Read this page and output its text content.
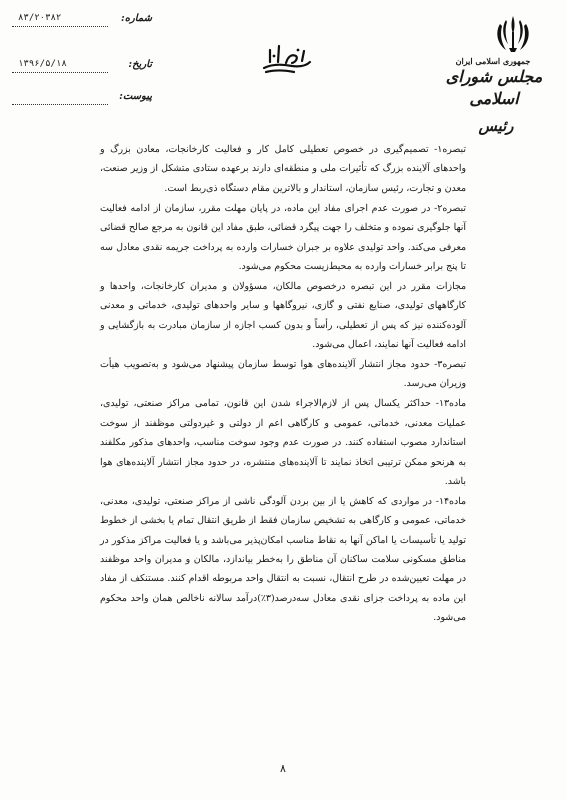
جمهوری اسلامی ایران
مجلس شورای اسلامی
رئیس
شماره:
۸۳/۲۰۳۸۲
تاریخ:
۱۳۹۶/۵/۱۸
پیوست:

تبصره۱- تصمیم‌گیری در خصوص تعطیلی کامل کار و فعالیت کارخانجات، معادن بزرگ و واحدهای آلاینده بزرگ که تأثیرات ملی و منطقه‌ای دارند برعهده ستادی متشکل از وزیر صنعت، معدن و تجارت، رئیس سازمان، استاندار و بالاترین مقام دستگاه ذی‌ربط است.

تبصره۲- در صورت عدم اجرای مفاد این ماده، در پایان مهلت مقرر، سازمان از ادامه فعالیت آنها جلوگیری نموده و متخلف را جهت پیگرد قضائی، طبق مفاد این قانون به مرجع صالح قضائی معرفی می‌کند. واحد تولیدی علاوه بر جبران خسارات وارده به پرداخت جریمه نقدی معادل سه تا پنج برابر خسارات وارده به محیط‌زیست محکوم می‌شود.

مجازات مقرر در این تبصره درخصوص مالکان، مسؤولان و مدیران کارخانجات، واحدها و کارگاههای تولیدی، صنایع نفتی و گازی، نیروگاهها و سایر واحدهای تولیدی، خدماتی و معدنی آلوده‌کننده نیز که پس از تعطیلی، رأساً و بدون کسب اجازه از سازمان مبادرت به بازگشایی و ادامه فعالیت آنها نمایند، اعمال می‌شود.

تبصره۳- حدود مجاز انتشار آلاینده‌های هوا توسط سازمان پیشنهاد می‌شود و به‌تصویب هیأت وزیران می‌رسد.

ماده۱۳- حداکثر یکسال پس از لازم‌الاجراء شدن این قانون، تمامی مراکز صنعتی، تولیدی، عملیات معدنی، خدماتی، عمومی و کارگاهی اعم از دولتی و غیردولتی موظفند از سوخت استاندارد مصوب استفاده کنند. در صورت عدم وجود سوخت مناسب، واحدهای مذکور مکلفند به هرنحو ممکن ترتیبی اتخاذ نمایند تا آلاینده‌های منتشره، در حدود مجاز انتشار آلاینده‌های هوا باشد.

ماده۱۴- در مواردی که کاهش یا از بین بردن آلودگی ناشی از مراکز صنعتی، تولیدی، معدنی، خدماتی، عمومی و کارگاهی به تشخیص سازمان فقط از طریق انتقال تمام یا بخشی از خطوط تولید یا تأسیسات یا اماکن آنها به نقاط مناسب امکان‌پذیر می‌باشد و یا فعالیت مراکز مذکور در مناطق مسکونی سلامت ساکنان آن مناطق را به‌خطر بیاندازد، مالکان و مدیران واحد موظفند در مهلت تعیین‌شده در طرح انتقال، نسبت به انتقال واحد مربوطه اقدام کنند. مستنکف از مفاد این ماده به پرداخت جزای نقدی معادل سه‌درصد(۳٪)درآمد سالانه ناخالص همان واحد محکوم می‌شود.

۸
